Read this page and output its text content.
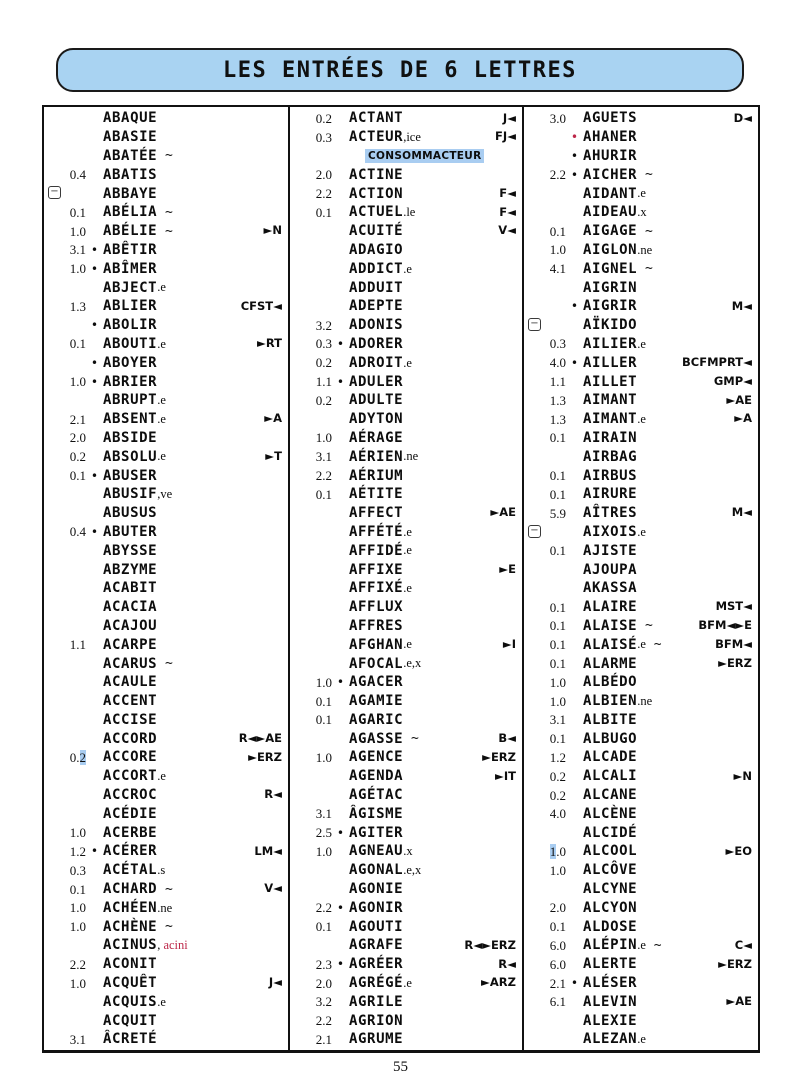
LES ENTRÉES DE 6 LETTRES
ABAQUE
ABASIE
ABATÉE ~
0.4 ABATIS
−	ABBAYE
0.1 ABÉLIA ~
1.0 ABÉLIE ~	►N
3.1 • ABÊTIR
1.0 • ABÎMER
ABJECT .e
1.3 ABLIER	CFST◄
• ABOLIR
0.1 ABOUTI .e	►RT
• ABOYER
1.0 • ABRIER
ABRUPT .e
2.1 ABSENT .e	►A
2.0 ABSIDE
0.2 ABSOLU .e	►T
0.1 • ABUSER
ABUSIF ,ve
ABUSUS
0.4 • ABUTER
ABYSSE
ABZYME
ACABIT
ACACIA
ACAJOU
1.1 ACARPE
ACARUS ~
ACAULE
ACCENT
ACCISE
ACCORD	R◄►AE
0.2 ACCORE	►ERZ
ACCORT .e
ACCROC	R◄
ACÉDIE
1.0 ACERBE
1.2 • ACÉRER	LM◄
0.3 ACÉTAL .s
0.1 ACHARD ~	V◄
1.0 ACHÉEN .ne
1.0 ACHÈNE ~
ACINUS , acini
2.2 ACONIT
1.0 ACQUÊT	J◄
ACQUIS .e
ACQUIT
3.1 ÂCRETÉ
0.2 ACTANT	J◄
0.3 ACTEUR ,ice	FJ◄
CONSOMMACTEUR
2.0 ACTINE
2.2 ACTION	F◄
0.1 ACTUEL .le	F◄
ACUITÉ	V◄
ADAGIO
ADDICT .e
ADDUIT
ADEPTE
3.2 ADONIS
0.3 • ADORER
0.2 ADROIT .e
1.1 • ADULER
0.2 ADULTE
ADYTON
1.0 AÉRAGE
3.1 AÉRIEN .ne
2.2 AÉRIUM
0.1 AÉTITE
AFFECT	►AE
AFFÉTÉ .e
AFFIDÉ .e
AFFIXE	►E
AFFIXÉ .e
AFFLUX
AFFRES
AFGHAN .e	►I
AFOCAL .e,x
1.0 • AGACER
0.1 AGAMIE
0.1 AGARIC
AGASSE ~	B◄
1.0 AGENCE	►ERZ
AGENDA	►IT
AGÉTAC
3.1 ÂGISME
2.5 • AGITER
1.0 AGNEAU .x
AGONAL .e,x
AGONIE
2.2 • AGONIR
0.1 AGOUTI
AGRAFE	R◄►ERZ
2.3 • AGRÉER	R◄
2.0 AGRÉGÉ .e	►ARZ
3.2 AGRILE
2.2 AGRION
2.1 AGRUME
3.0 AGUETS	D◄
• AHANER
• AHURIR
2.2 • AICHER ~
AIDANT .e
AIDEAU .x
0.1 AIGAGE ~
1.0 AIGLON .ne
4.1 AIGNEL ~
AIGRIN
• AIGRIR	M◄
−	AÏKIDO
0.3 AILIER .e
4.0 • AILLER	BCFMPRT◄
1.1 AILLET	GMP◄
1.3 AIMANT	►AE
1.3 AIMANT .e	►A
0.1 AIRAIN
AIRBAG
0.1 AIRBUS
0.1 AIRURE
5.9 AÎTRES	M◄
−	AIXOIS .e
0.1 AJISTE
AJOUPA
AKASSA
0.1 ALAIRE	MST◄
0.1 ALAISE ~	BFM◄►E
0.1 ALAISÉ .e ~	BFM◄
0.1 ALARME	►ERZ
1.0 ALBÉDO
1.0 ALBIEN .ne
3.1 ALBITE
0.1 ALBUGO
1.2 ALCADE
0.2 ALCALI	►N
0.2 ALCANE
4.0 ALCÈNE
ALCIDÉ
1.0 ALCOOL	►EO
1.0 ALCÔVE
ALCYNE
2.0 ALCYON
0.1 ALDOSE
6.0 ALÉPIN .e ~	C◄
6.0 ALERTE	►ERZ
2.1 • ALÉSER
6.1 ALEVIN	►AE
ALEXIE
ALEZAN .e
55
